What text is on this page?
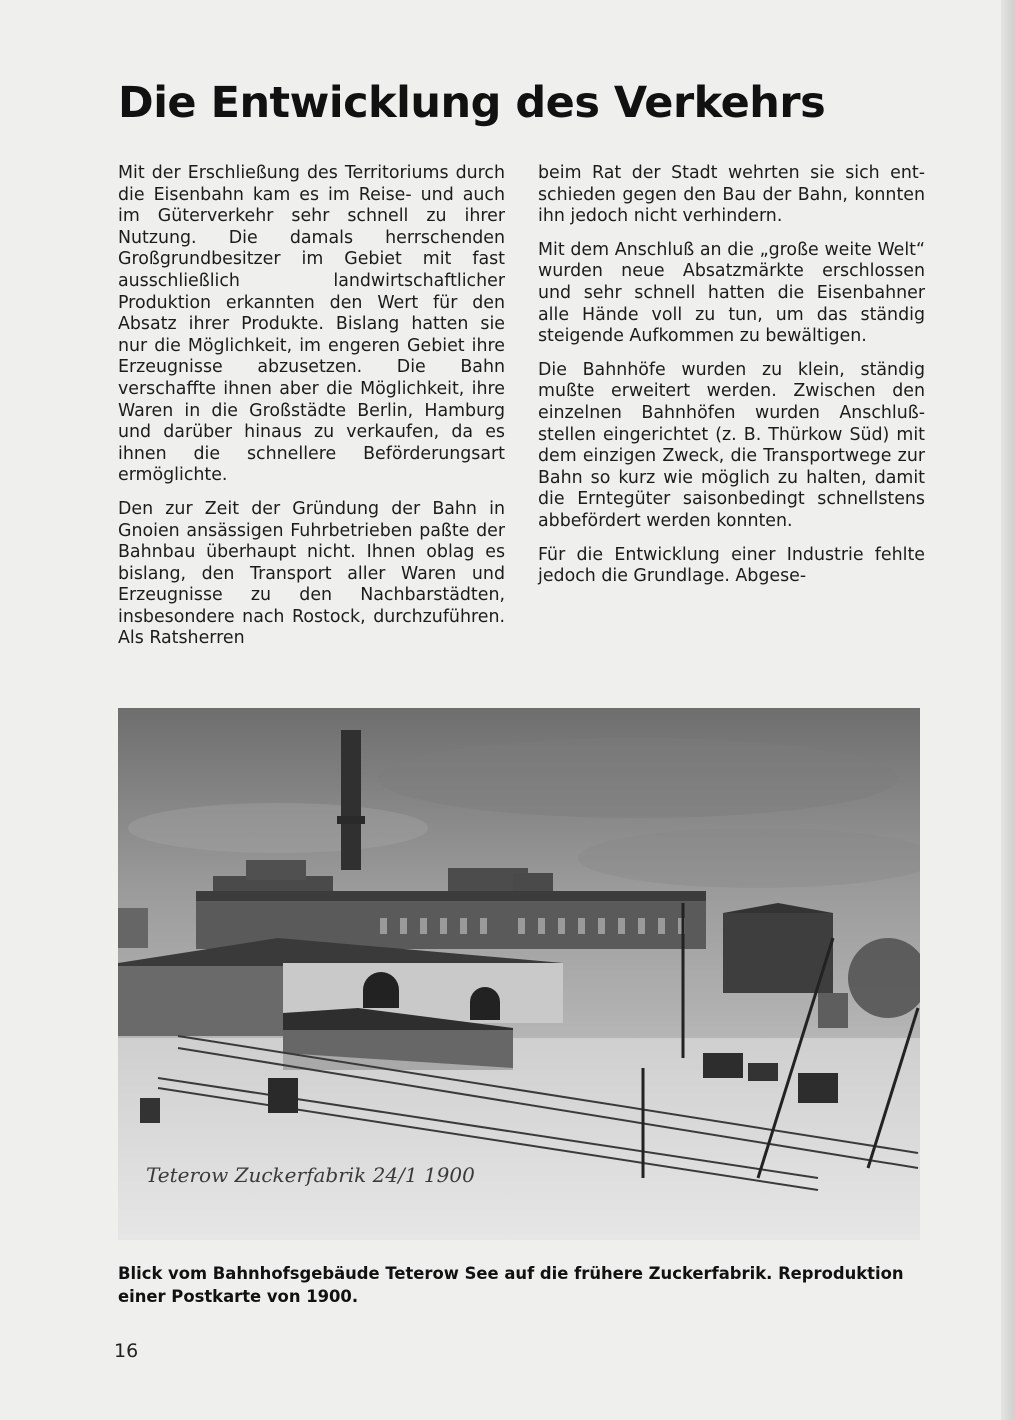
Die Entwicklung des Verkehrs

Mit der Erschließung des Territoriums durch die Eisenbahn kam es im Reise- und auch im Güterverkehr sehr schnell zu ihrer Nutzung. Die damals herrschenden Großgrundbesitzer im Gebiet mit fast ausschließlich landwirtschaftlicher Produktion erkannten den Wert für den Absatz ihrer Produkte. Bislang hatten sie nur die Möglichkeit, im engeren Gebiet ihre Erzeugnisse abzusetzen. Die Bahn verschaffte ihnen aber die Möglichkeit, ihre Waren in die Großstädte Berlin, Hamburg und darüber hinaus zu verkaufen, da es ihnen die schnellere Beförderungsart ermöglichte.

Den zur Zeit der Gründung der Bahn in Gnoien ansässigen Fuhrbetrieben paßte der Bahnbau überhaupt nicht. Ihnen oblag es bislang, den Transport aller Waren und Erzeugnisse zu den Nachbarstädten, insbesondere nach Rostock, durchzuführen. Als Ratsherren

beim Rat der Stadt wehrten sie sich entschieden gegen den Bau der Bahn, konnten ihn jedoch nicht verhindern.

Mit dem Anschluß an die „große weite Welt“ wurden neue Absatzmärkte erschlossen und sehr schnell hatten die Eisenbahner alle Hände voll zu tun, um das ständig steigende Aufkommen zu bewältigen.

Die Bahnhöfe wurden zu klein, ständig mußte erweitert werden. Zwischen den einzelnen Bahnhöfen wurden Anschlußstellen eingerichtet (z. B. Thürkow Süd) mit dem einzigen Zweck, die Transportwege zur Bahn so kurz wie möglich zu halten, damit die Erntegüter saisonbedingt schnellstens abbefördert werden konnten.

Für die Entwicklung einer Industrie fehlte jedoch die Grundlage. Abgese-

Teterow Zuckerfabrik 24/1 1900

Blick vom Bahnhofsgebäude Teterow See auf die frühere Zuckerfabrik. Reproduktion einer Postkarte von 1900.

16
